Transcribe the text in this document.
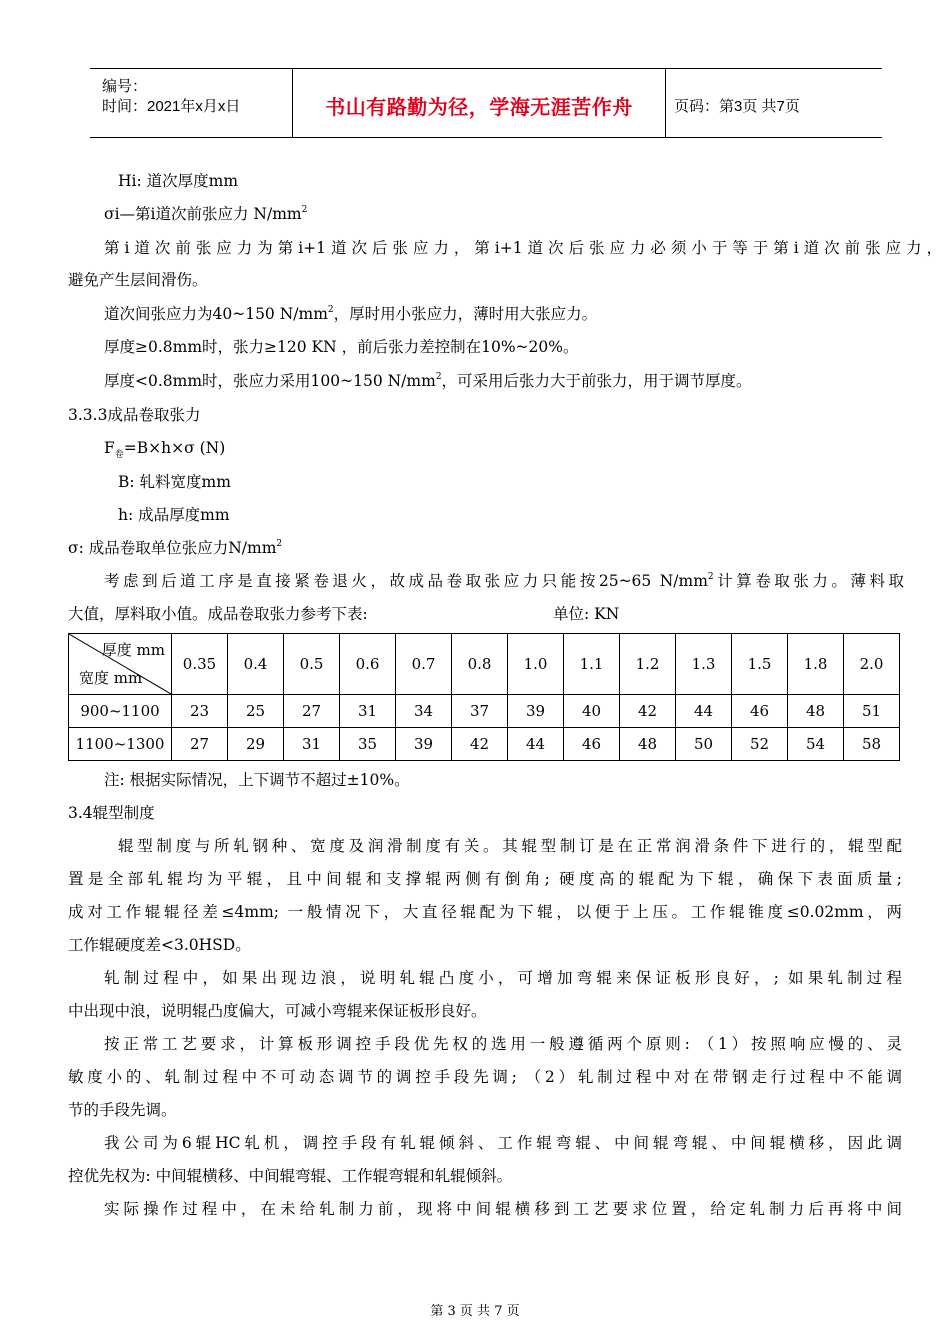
编号：
时间：2021年x月x日	书山有路勤为径，学海无涯苦作舟	页码：第3页 共7页
Hi: 道次厚度mm
σi—第i道次前张应力 $N/mm^2$
第i道次前张应力为第i+1道次后张应力，第i+1道次后张应力必须小于等于第i道次前张应力，
避免产生层间滑伤。
道次间张应力为40~150 $N/mm^2$，厚时用小张应力，薄时用大张应力。
厚度≥0.8mm时，张力≥120 KN ，前后张力差控制在10%~20%。
厚度<0.8mm时，张应力采用100~150 $N/mm^2$，可采用后张力大于前张力，用于调节厚度。
3.3.3成品卷取张力
$F_卷=B\times h\times\sigma$ (N)
B: 轧料宽度mm
h: 成品厚度mm
σ: 成品卷取单位张应力$N/mm^2$
考虑到后道工序是直接紧卷退火，故成品卷取张应力只能按25~65 $N/mm^2$计算卷取张力。薄料取
大值，厚料取小值。成品卷取张力参考下表:	单位: KN
厚度 mm
宽度 mm	0.35	0.4	0.5	0.6	0.7	0.8	1.0	1.1	1.2	1.3	1.5	1.8	2.0
900~1100	23	25	27	31	34	37	39	40	42	44	46	48	51
1100~1300	27	29	31	35	39	42	44	46	48	50	52	54	58
注: 根据实际情况，上下调节不超过±10%。
3.4辊型制度
辊型制度与所轧钢种、宽度及润滑制度有关。其辊型制订是在正常润滑条件下进行的，辊型配
置是全部轧辊均为平辊，且中间辊和支撑辊两侧有倒角; 硬度高的辊配为下辊，确保下表面质量;
成对工作辊辊径差≤4mm; 一般情况下，大直径辊配为下辊，以便于上压。工作辊锥度≤0.02mm，两
工作辊硬度差<3.0HSD。
轧制过程中，如果出现边浪，说明轧辊凸度小，可增加弯辊来保证板形良好，; 如果轧制过程
中出现中浪，说明辊凸度偏大，可减小弯辊来保证板形良好。
按正常工艺要求，计算板形调控手段优先权的选用一般遵循两个原则: （1）按照响应慢的、灵
敏度小的、轧制过程中不可动态调节的调控手段先调; （2）轧制过程中对在带钢走行过程中不能调
节的手段先调。
我公司为6辊HC轧机，调控手段有轧辊倾斜、工作辊弯辊、中间辊弯辊、中间辊横移，因此调
控优先权为: 中间辊横移、中间辊弯辊、工作辊弯辊和轧辊倾斜。
实际操作过程中，在未给轧制力前，现将中间辊横移到工艺要求位置，给定轧制力后再将中间
第 3 页 共 7 页
